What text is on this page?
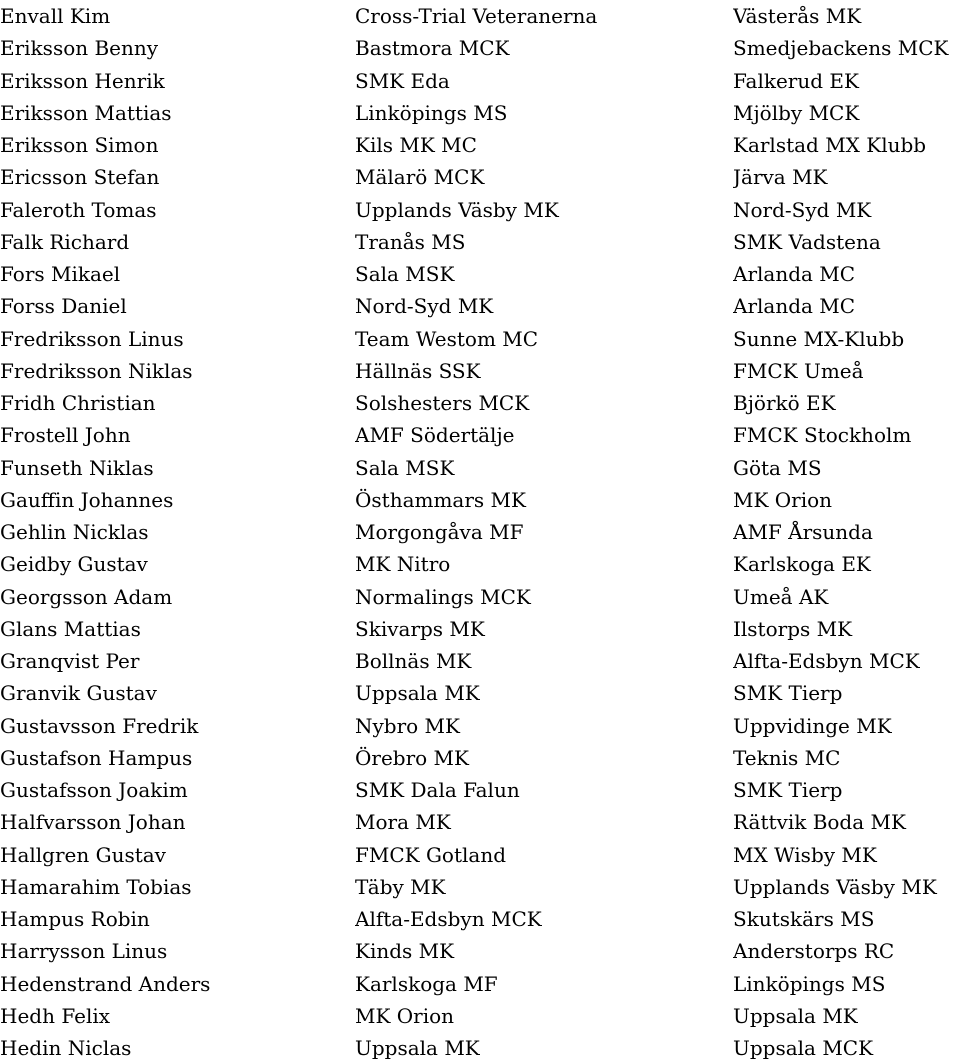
Envall Kim	Cross-Trial Veteranerna	Västerås MK
Eriksson Benny	Bastmora MCK	Smedjebackens MCK
Eriksson Henrik	SMK Eda	Falkerud EK
Eriksson Mattias	Linköpings MS	Mjölby MCK
Eriksson Simon	Kils MK MC	Karlstad MX Klubb
Ericsson Stefan	Mälarö MCK	Järva MK
Faleroth Tomas	Upplands Väsby MK	Nord-Syd MK
Falk Richard	Tranås MS	SMK Vadstena
Fors Mikael	Sala MSK	Arlanda MC
Forss Daniel	Nord-Syd MK	Arlanda MC
Fredriksson Linus	Team Westom MC	Sunne MX-Klubb
Fredriksson Niklas	Hällnäs SSK	FMCK Umeå
Fridh Christian	Solshesters MCK	Björkö EK
Frostell John	AMF Södertälje	FMCK Stockholm
Funseth Niklas	Sala MSK	Göta MS
Gauffin Johannes	Östhammars MK	MK Orion
Gehlin Nicklas	Morgongåva MF	AMF Årsunda
Geidby Gustav	MK Nitro	Karlskoga EK
Georgsson Adam	Normalings MCK	Umeå AK
Glans Mattias	Skivarps MK	Ilstorps MK
Granqvist Per	Bollnäs MK	Alfta-Edsbyn MCK
Granvik Gustav	Uppsala MK	SMK Tierp
Gustavsson Fredrik	Nybro MK	Uppvidinge MK
Gustafson Hampus	Örebro MK	Teknis MC
Gustafsson Joakim	SMK Dala Falun	SMK Tierp
Halfvarsson Johan	Mora MK	Rättvik Boda MK
Hallgren Gustav	FMCK Gotland	MX Wisby MK
Hamarahim Tobias	Täby MK	Upplands Väsby MK
Hampus Robin	Alfta-Edsbyn MCK	Skutskärs MS
Harrysson Linus	Kinds MK	Anderstorps RC
Hedenstrand Anders	Karlskoga MF	Linköpings MS
Hedh Felix	MK Orion	Uppsala MK
Hedin Niclas	Uppsala MK	Uppsala MCK
